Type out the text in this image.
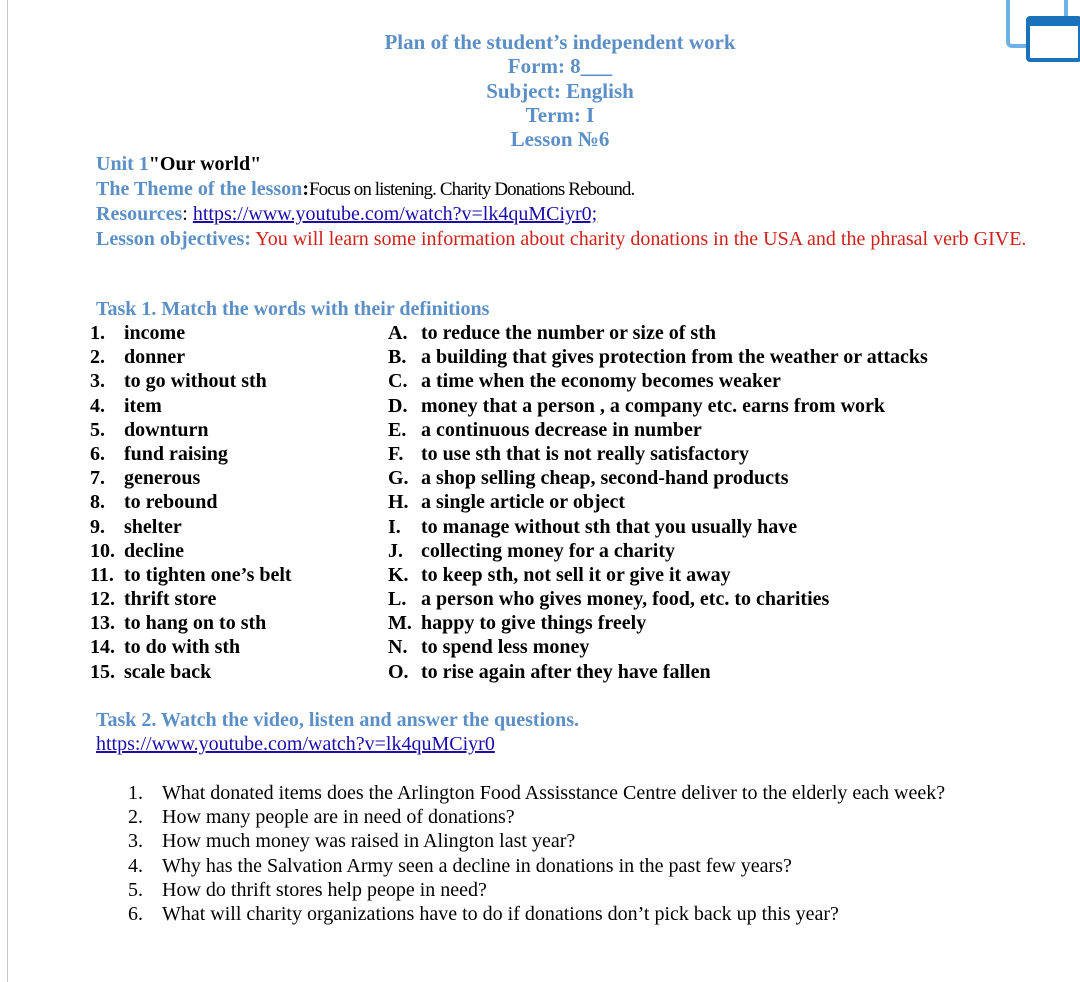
Plan of the student’s independent work
Form: 8___
Subject: English
Term: I
Lesson №6
Unit 1"Our world"
The Theme of the lesson:Focus on listening. Charity Donations Rebound.
Resources: https://www.youtube.com/watch?v=lk4quMCiyr0;
Lesson objectives: You will learn some information about charity donations in the USA and the phrasal verb GIVE.
Task 1. Match the words with their definitions
1. income
2. donner
3. to go without sth
4. item
5. downturn
6. fund raising
7. generous
8. to rebound
9. shelter
10. decline
11. to tighten one’s belt
12. thrift store
13. to hang on to sth
14. to do with sth
15. scale back
A. to reduce the number or size of sth
B. a building that gives protection from the weather or attacks
C. a time when the economy becomes weaker
D. money that a person , a company etc. earns from work
E. a continuous decrease in number
F. to use sth that is not really satisfactory
G. a shop selling cheap, second-hand products
H. a single article or object
I. to manage without sth that you usually have
J. collecting money for a charity
K. to keep sth, not sell it or give it away
L. a person who gives money, food, etc. to charities
M. happy to give things freely
N. to spend less money
O. to rise again after they have fallen
Task 2. Watch the video, listen and answer the questions.
https://www.youtube.com/watch?v=lk4quMCiyr0
1. What donated items does the Arlington Food Assisstance Centre deliver to the elderly each week?
2. How many people are in need of donations?
3. How much money was raised in Alington last year?
4. Why has the Salvation Army seen a decline in donations in the past few years?
5. How do thrift stores help peope in need?
6. What will charity organizations have to do if donations don’t pick back up this year?
